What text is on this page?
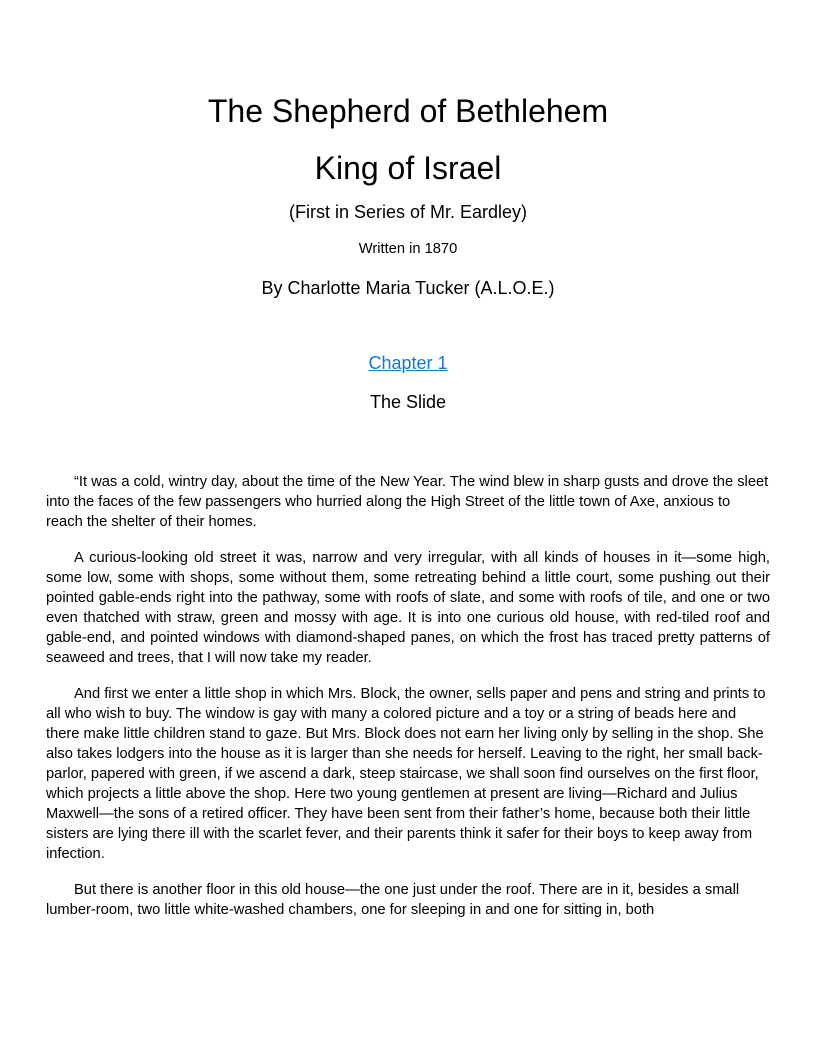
The Shepherd of Bethlehem
King of Israel
(First in Series of Mr. Eardley)
Written in 1870
By Charlotte Maria Tucker (A.L.O.E.)
Chapter 1
The Slide

“It was a cold, wintry day, about the time of the New Year. The wind blew in sharp gusts and drove the sleet into the faces of the few passengers who hurried along the High Street of the little town of Axe, anxious to reach the shelter of their homes.

A curious-looking old street it was, narrow and very irregular, with all kinds of houses in it—some high, some low, some with shops, some without them, some retreating behind a little court, some pushing out their pointed gable-ends right into the pathway, some with roofs of slate, and some with roofs of tile, and one or two even thatched with straw, green and mossy with age. It is into one curious old house, with red-tiled roof and gable-end, and pointed windows with diamond-shaped panes, on which the frost has traced pretty patterns of seaweed and trees, that I will now take my reader.

And first we enter a little shop in which Mrs. Block, the owner, sells paper and pens and string and prints to all who wish to buy. The window is gay with many a colored picture and a toy or a string of beads here and there make little children stand to gaze. But Mrs. Block does not earn her living only by selling in the shop. She also takes lodgers into the house as it is larger than she needs for herself. Leaving to the right, her small back-parlor, papered with green, if we ascend a dark, steep staircase, we shall soon find ourselves on the first floor, which projects a little above the shop. Here two young gentlemen at present are living—Richard and Julius Maxwell—the sons of a retired officer. They have been sent from their father’s home, because both their little sisters are lying there ill with the scarlet fever, and their parents think it safer for their boys to keep away from infection.

But there is another floor in this old house—the one just under the roof. There are in it, besides a small lumber-room, two little white-washed chambers, one for sleeping in and one for sitting in, both
